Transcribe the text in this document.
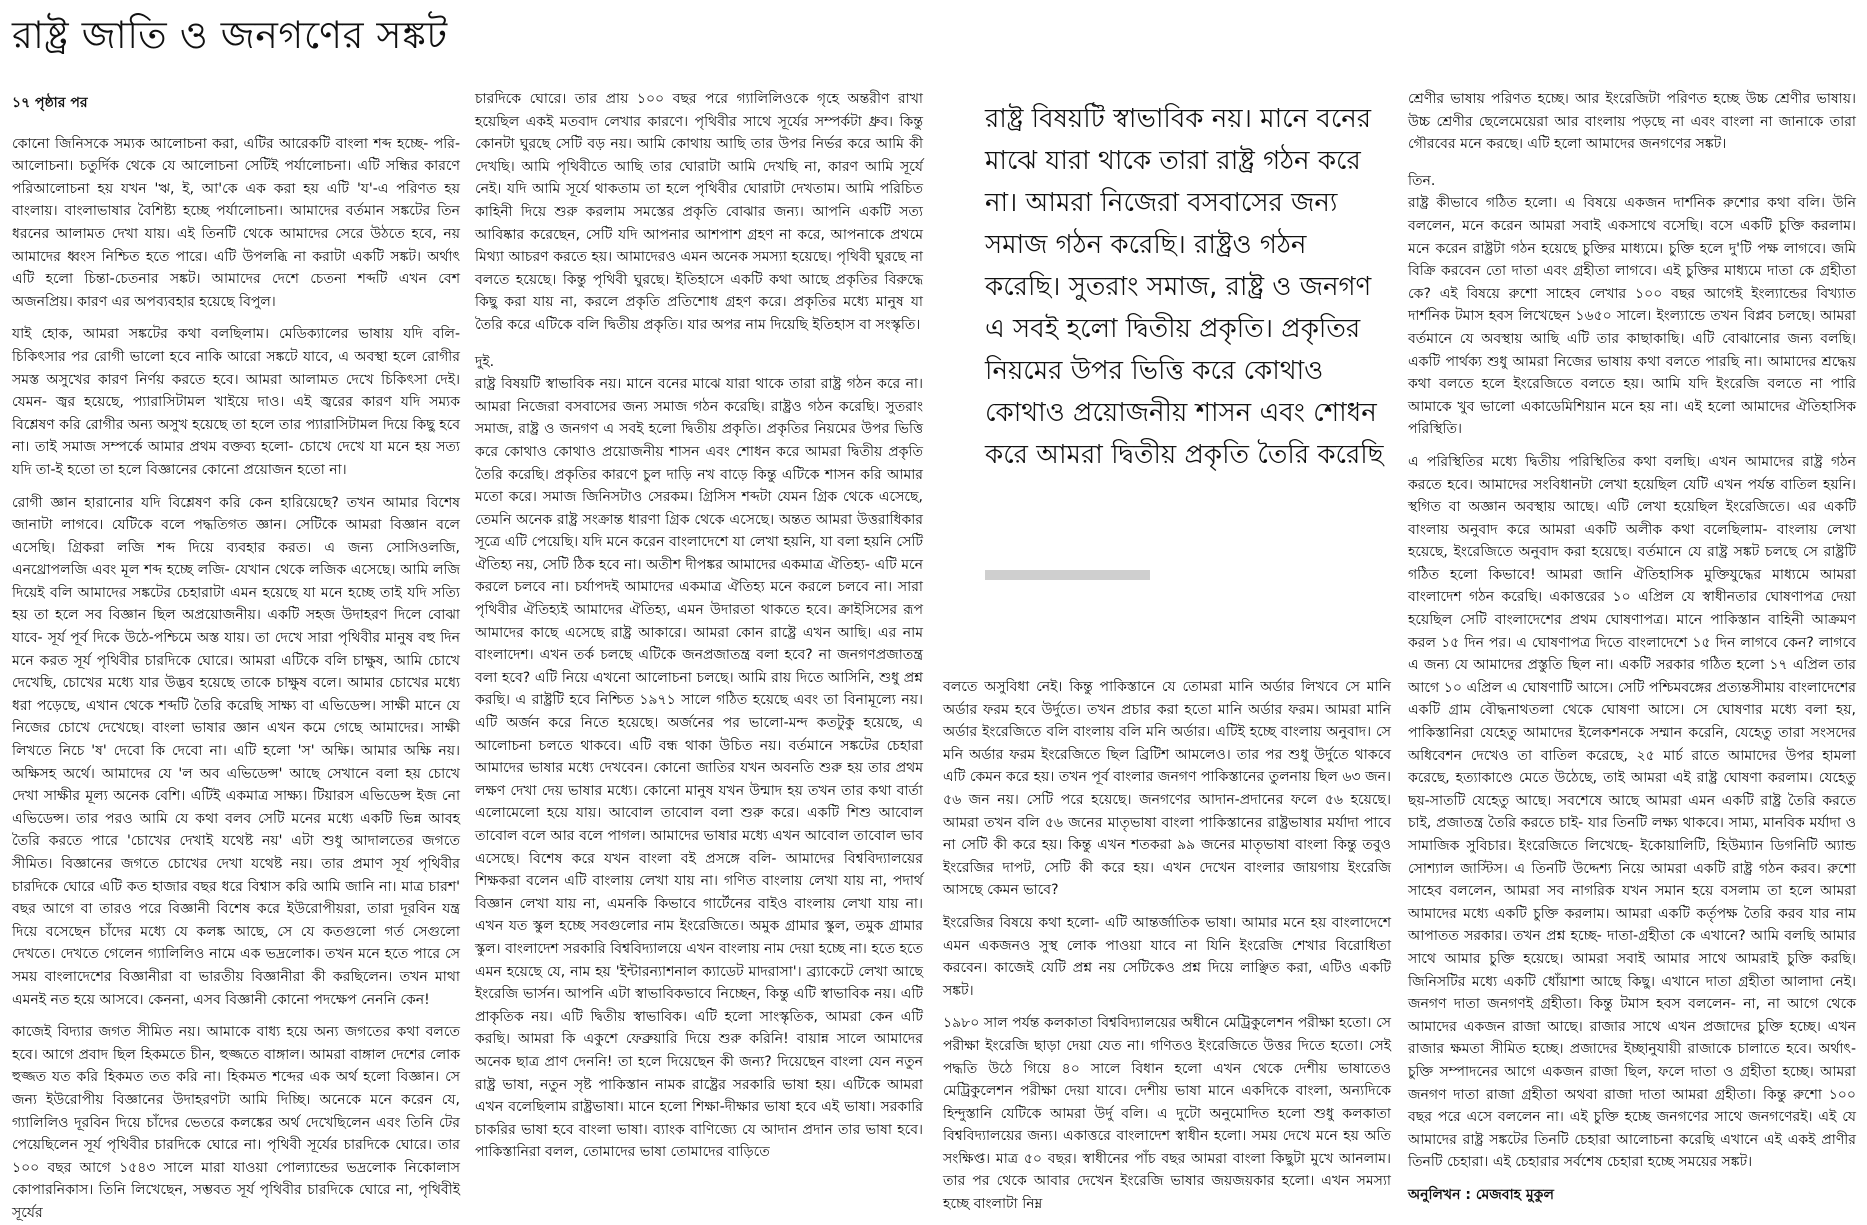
রাষ্ট্র জাতি ও জনগণের সঙ্কট

১৭ পৃষ্ঠার পর

কোনো জিনিসকে সম্যক আলোচনা করা, এটির আরেকটি বাংলা শব্দ হচ্ছে- পরি-আলোচনা। চতুর্দিক থেকে যে আলোচনা সেটিই পর্যালোচনা। এটি সন্ধির কারণে পরিআলোচনা হয় যখন 'ঋ, ই, আ'কে এক করা হয় এটি 'য'-এ পরিণত হয় বাংলায়। বাংলাভাষার বৈশিষ্ট্য হচ্ছে পর্যালোচনা। আমাদের বর্তমান সঙ্কটের তিন ধরনের আলামত দেখা যায়। এই তিনটি থেকে আমাদের সেরে উঠতে হবে, নয় আমাদের ধ্বংস নিশ্চিত হতে পারে। এটি উপলব্ধি না করাটা একটি সঙ্কট। অর্থাৎ এটি হলো চিন্তা-চেতনার সঙ্কট। আমাদের দেশে চেতনা শব্দটি এখন বেশ অজনপ্রিয়। কারণ এর অপব্যবহার হয়েছে বিপুল।

যাই হোক, আমরা সঙ্কটের কথা বলছিলাম। মেডিক্যালের ভাষায় যদি বলি- চিকিৎসার পর রোগী ভালো হবে নাকি আরো সঙ্কটে যাবে, এ অবস্থা হলে রোগীর সমস্ত অসুখের কারণ নির্ণয় করতে হবে। আমরা আলামত দেখে চিকিৎসা দেই। যেমন- জ্বর হয়েছে, প্যারাসিটামল খাইয়ে দাও। এই জ্বরের কারণ যদি সম্যক বিশ্লেষণ করি রোগীর অন্য অসুখ হয়েছে তা হলে তার প্যারাসিটামল দিয়ে কিছু হবে না। তাই সমাজ সম্পর্কে আমার প্রথম বক্তব্য হলো- চোখে দেখে যা মনে হয় সত্য যদি তা-ই হতো তা হলে বিজ্ঞানের কোনো প্রয়োজন হতো না।

রোগী জ্ঞান হারানোর যদি বিশ্লেষণ করি কেন হারিয়েছে? তখন আমার বিশেষ জানাটা লাগবে। যেটিকে বলে পদ্ধতিগত জ্ঞান। সেটিকে আমরা বিজ্ঞান বলে এসেছি। গ্রিকরা লজি শব্দ দিয়ে ব্যবহার করত। এ জন্য সোসিওলজি, এনথ্রোপলজি এবং মূল শব্দ হচ্ছে লজি- যেখান থেকে লজিক এসেছে। আমি লজি দিয়েই বলি আমাদের সঙ্কটের চেহারাটা এমন হয়েছে যা মনে হচ্ছে তাই যদি সত্যি হয় তা হলে সব বিজ্ঞান ছিল অপ্রয়োজনীয়। একটি সহজ উদাহরণ দিলে বোঝা যাবে- সূর্য পূর্ব দিকে উঠে-পশ্চিমে অস্ত যায়। তা দেখে সারা পৃথিবীর মানুষ বহু দিন মনে করত সূর্য পৃথিবীর চারদিকে ঘোরে। আমরা এটিকে বলি চাক্ষুষ, আমি চোখে দেখেছি, চোখের মধ্যে যার উদ্ভব হয়েছে তাকে চাক্ষুষ বলে। আমার চোখের মধ্যে ধরা পড়েছে, এখান থেকে শব্দটি তৈরি করেছি সাক্ষ্য বা এভিডেন্স। সাক্ষী মানে যে নিজের চোখে দেখেছে। বাংলা ভাষার জ্ঞান এখন কমে গেছে আমাদের। সাক্ষী লিখতে নিচে 'ষ' দেবো কি দেবো না। এটি হলো 'স' অক্ষি। আমার অক্ষি নয়। অক্ষিসহ অর্থে। আমাদের যে 'ল অব এভিডেন্স' আছে সেখানে বলা হয় চোখে দেখা সাক্ষীর মূল্য অনেক বেশি। এটিই একমাত্র সাক্ষ্য। টিয়ারস এভিডেন্স ইজ নো এভিডেন্স। তার পরও আমি যে কথা বলব সেটি মনের মধ্যে একটি ভিন্ন আবহ তৈরি করতে পারে 'চোখের দেখাই যথেষ্ট নয়' এটা শুধু আদালতের জগতে সীমিত। বিজ্ঞানের জগতে চোখের দেখা যথেষ্ট নয়। তার প্রমাণ সূর্য পৃথিবীর চারদিকে ঘোরে এটি কত হাজার বছর ধরে বিশ্বাস করি আমি জানি না। মাত্র চারশ' বছর আগে বা তারও পরে বিজ্ঞানী বিশেষ করে ইউরোপীয়রা, তারা দূরবিন যন্ত্র দিয়ে বসেছেন চাঁদের মধ্যে যে কলঙ্ক আছে, সে যে কতগুলো গর্ত সেগুলো দেখতে। দেখতে গেলেন গ্যালিলিও নামে এক ভদ্রলোক। তখন মনে হতে পারে সে সময় বাংলাদেশের বিজ্ঞানীরা বা ভারতীয় বিজ্ঞানীরা কী করছিলেন। তখন মাথা এমনই নত হয়ে আসবে। কেননা, এসব বিজ্ঞানী কোনো পদক্ষেপ নেননি কেন!

কাজেই বিদ্যার জগত সীমিত নয়। আমাকে বাধ্য হয়ে অন্য জগতের কথা বলতে হবে। আগে প্রবাদ ছিল হিকমতে চীন, হুজ্জতে বাঙ্গাল। আমরা বাঙ্গাল দেশের লোক হুজ্জত যত করি হিকমত তত করি না। হিকমত শব্দের এক অর্থ হলো বিজ্ঞান। সে জন্য ইউরোপীয় বিজ্ঞানের উদাহরণটা আমি দিচ্ছি। অনেকে মনে করেন যে, গ্যালিলিও দূরবিন দিয়ে চাঁদের ভেতরে কলঙ্কের অর্থ দেখেছিলেন এবং তিনি টের পেয়েছিলেন সূর্য পৃথিবীর চারদিকে ঘোরে না। পৃথিবী সূর্যের চারদিকে ঘোরে। তার ১০০ বছর আগে ১৫৪৩ সালে মারা যাওয়া পোল্যান্ডের ভদ্রলোক নিকোলাস কোপারনিকাস। তিনি লিখেছেন, সম্ভবত সূর্য পৃথিবীর চারদিকে ঘোরে না, পৃথিবীই সূর্যের

চারদিকে ঘোরে। তার প্রায় ১০০ বছর পরে গ্যালিলিওকে গৃহে অন্তরীণ রাখা হয়েছিল একই মতবাদ লেখার কারণে। পৃথিবীর সাথে সূর্যের সম্পর্কটা ধ্রুব। কিন্তু কোনটা ঘুরছে সেটি বড় নয়। আমি কোথায় আছি তার উপর নির্ভর করে আমি কী দেখছি। আমি পৃথিবীতে আছি তার ঘোরাটা আমি দেখছি না, কারণ আমি সূর্যে নেই। যদি আমি সূর্যে থাকতাম তা হলে পৃথিবীর ঘোরাটা দেখতাম। আমি পরিচিত কাহিনী দিয়ে শুরু করলাম সমস্তের প্রকৃতি বোঝার জন্য। আপনি একটি সত্য আবিষ্কার করেছেন, সেটি যদি আপনার আশপাশ গ্রহণ না করে, আপনাকে প্রথমে মিথ্যা আচরণ করতে হয়। আমাদেরও এমন অনেক সমস্যা হয়েছে। পৃথিবী ঘুরছে না বলতে হয়েছে। কিন্তু পৃথিবী ঘুরছে। ইতিহাসে একটি কথা আছে প্রকৃতির বিরুদ্ধে কিছু করা যায় না, করলে প্রকৃতি প্রতিশোধ গ্রহণ করে। প্রকৃতির মধ্যে মানুষ যা তৈরি করে এটিকে বলি দ্বিতীয় প্রকৃতি। যার অপর নাম দিয়েছি ইতিহাস বা সংস্কৃতি।

দুই.

রাষ্ট্র বিষয়টি স্বাভাবিক নয়। মানে বনের মাঝে যারা থাকে তারা রাষ্ট্র গঠন করে না। আমরা নিজেরা বসবাসের জন্য সমাজ গঠন করেছি। রাষ্ট্রও গঠন করেছি। সুতরাং সমাজ, রাষ্ট্র ও জনগণ এ সবই হলো দ্বিতীয় প্রকৃতি। প্রকৃতির নিয়মের উপর ভিত্তি করে কোথাও কোথাও প্রয়োজনীয় শাসন এবং শোধন করে আমরা দ্বিতীয় প্রকৃতি তৈরি করেছি। প্রকৃতির কারণে চুল দাড়ি নখ বাড়ে কিন্তু এটিকে শাসন করি আমার মতো করে। সমাজ জিনিসটাও সেরকম। গ্রিসিস শব্দটা যেমন গ্রিক থেকে এসেছে, তেমনি অনেক রাষ্ট্র সংক্রান্ত ধারণা গ্রিক থেকে এসেছে। অন্তত আমরা উত্তরাধিকার সূত্রে এটি পেয়েছি। যদি মনে করেন বাংলাদেশে যা লেখা হয়নি, যা বলা হয়নি সেটি ঐতিহ্য নয়, সেটি ঠিক হবে না। অতীশ দীপঙ্কর আমাদের একমাত্র ঐতিহ্য- এটি মনে করলে চলবে না। চর্যাপদই আমাদের একমাত্র ঐতিহ্য মনে করলে চলবে না। সারা পৃথিবীর ঐতিহ্যই আমাদের ঐতিহ্য, এমন উদারতা থাকতে হবে। ক্রাইসিসের রূপ আমাদের কাছে এসেছে রাষ্ট্র আকারে। আমরা কোন রাষ্ট্রে এখন আছি। এর নাম বাংলাদেশ। এখন তর্ক চলছে এটিকে জনপ্রজাতন্ত্র বলা হবে? না জনগণপ্রজাতন্ত্র বলা হবে? এটি নিয়ে এখনো আলোচনা চলছে। আমি রায় দিতে আসিনি, শুধু প্রশ্ন করছি। এ রাষ্ট্রটি হবে নিশ্চিত ১৯৭১ সালে গঠিত হয়েছে এবং তা বিনামূল্যে নয়। এটি অর্জন করে নিতে হয়েছে। অর্জনের পর ভালো-মন্দ কতটুকু হয়েছে, এ আলোচনা চলতে থাকবে। এটি বন্ধ থাকা উচিত নয়। বর্তমানে সঙ্কটের চেহারা আমাদের ভাষার মধ্যে দেখবেন। কোনো জাতির যখন অবনতি শুরু হয় তার প্রথম লক্ষণ দেখা দেয় ভাষার মধ্যে। কোনো মানুষ যখন উন্মাদ হয় তখন তার কথা বার্তা এলোমেলো হয়ে যায়। আবোল তাবোল বলা শুরু করে। একটি শিশু আবোল তাবোল বলে আর বলে পাগল। আমাদের ভাষার মধ্যে এখন আবোল তাবোল ভাব এসেছে। বিশেষ করে যখন বাংলা বই প্রসঙ্গে বলি- আমাদের বিশ্ববিদ্যালয়ের শিক্ষকরা বলেন এটি বাংলায় লেখা যায় না। গণিত বাংলায় লেখা যায় না, পদার্থ বিজ্ঞান লেখা যায় না, এমনকি কিভাবে গার্টেনের বাইও বাংলায় লেখা যায় না। এখন যত স্কুল হচ্ছে সবগুলোর নাম ইংরেজিতে। অমুক গ্রামার স্কুল, তমুক গ্রামার স্কুল। বাংলাদেশ সরকারি বিশ্ববিদ্যালয়ে এখন বাংলায় নাম দেয়া হচ্ছে না। হতে হতে এমন হয়েছে যে, নাম হয় 'ইন্টারন্যাশনাল ক্যাডেট মাদরাসা'। ব্র্যাকেটে লেখা আছে ইংরেজি ভার্সন। আপনি এটা স্বাভাবিকভাবে নিচ্ছেন, কিন্তু এটি স্বাভাবিক নয়। এটি প্রাকৃতিক নয়। এটি দ্বিতীয় স্বাভাবিক। এটি হলো সাংস্কৃতিক, আমরা কেন এটি করছি। আমরা কি একুশে ফেব্রুয়ারি দিয়ে শুরু করিনি! বায়ান্ন সালে আমাদের অনেক ছাত্র প্রাণ দেননি! তা হলে দিয়েছেন কী জন্য? দিয়েছেন বাংলা যেন নতুন রাষ্ট্র ভাষা, নতুন সৃষ্ট পাকিস্তান নামক রাষ্ট্রের সরকারি ভাষা হয়। এটিকে আমরা এখন বলেছিলাম রাষ্ট্রভাষা। মানে হলো শিক্ষা-দীক্ষার ভাষা হবে এই ভাষা। সরকারি চাকরির ভাষা হবে বাংলা ভাষা। ব্যাংক বাণিজ্যে যে আদান প্রদান তার ভাষা হবে। পাকিস্তানিরা বলল, তোমাদের ভাষা তোমাদের বাড়িতে

রাষ্ট্র বিষয়টি স্বাভাবিক নয়। মানে বনের মাঝে যারা থাকে তারা রাষ্ট্র গঠন করে না। আমরা নিজেরা বসবাসের জন্য সমাজ গঠন করেছি। রাষ্ট্রও গঠন করেছি। সুতরাং সমাজ, রাষ্ট্র ও জনগণ এ সবই হলো দ্বিতীয় প্রকৃতি। প্রকৃতির নিয়মের উপর ভিত্তি করে কোথাও কোথাও প্রয়োজনীয় শাসন এবং শোধন করে আমরা দ্বিতীয় প্রকৃতি তৈরি করেছি

বলতে অসুবিধা নেই। কিন্তু পাকিস্তানে যে তোমরা মানি অর্ডার লিখবে সে মানি অর্ডার ফরম হবে উর্দুতে। তখন প্রচার করা হতো মানি অর্ডার ফরম। আমরা মানি অর্ডার ইংরেজিতে বলি বাংলায় বলি মনি অর্ডার। এটিই হচ্ছে বাংলায় অনুবাদ। সে মনি অর্ডার ফরম ইংরেজিতে ছিল ব্রিটিশ আমলেও। তার পর শুধু উর্দুতে থাকবে এটি কেমন করে হয়। তখন পূর্ব বাংলার জনগণ পাকিস্তানের তুলনায় ছিল ৬৩ জন। ৫৬ জন নয়। সেটি পরে হয়েছে। জনগণের আদান-প্রদানের ফলে ৫৬ হয়েছে। আমরা তখন বলি ৫৬ জনের মাতৃভাষা বাংলা পাকিস্তানের রাষ্ট্রভাষার মর্যাদা পাবে না সেটি কী করে হয়। কিন্তু এখন শতকরা ৯৯ জনের মাতৃভাষা বাংলা কিন্তু তবুও ইংরেজির দাপট, সেটি কী করে হয়। এখন দেখেন বাংলার জায়গায় ইংরেজি আসছে কেমন ভাবে?

ইংরেজির বিষয়ে কথা হলো- এটি আন্তর্জাতিক ভাষা। আমার মনে হয় বাংলাদেশে এমন একজনও সুস্থ লোক পাওয়া যাবে না যিনি ইংরেজি শেখার বিরোধিতা করবেন। কাজেই যেটি প্রশ্ন নয় সেটিকেও প্রশ্ন দিয়ে লাঞ্ছিত করা, এটিও একটি সঙ্কট।

১৯৮০ সাল পর্যন্ত কলকাতা বিশ্ববিদ্যালয়ের অধীনে মেট্রিকুলেশন পরীক্ষা হতো। সে পরীক্ষা ইংরেজি ছাড়া দেয়া যেত না। গণিতও ইংরেজিতে উত্তর দিতে হতো। সেই পদ্ধতি উঠে গিয়ে ৪০ সালে বিধান হলো এখন থেকে দেশীয় ভাষাতেও মেট্রিকুলেশন পরীক্ষা দেয়া যাবে। দেশীয় ভাষা মানে একদিকে বাংলা, অন্যদিকে হিন্দুস্তানি যেটিকে আমরা উর্দু বলি। এ দুটো অনুমোদিত হলো শুধু কলকাতা বিশ্ববিদ্যালয়ের জন্য। একাত্তরে বাংলাদেশ স্বাধীন হলো। সময় দেখে মনে হয় অতি সংক্ষিপ্ত। মাত্র ৫০ বছর। স্বাধীনের পাঁচ বছর আমরা বাংলা কিছুটা মুখে আনলাম। তার পর থেকে আবার দেখেন ইংরেজি ভাষার জয়জয়কার হলো। এখন সমস্যা হচ্ছে বাংলাটা নিম্ন

শ্রেণীর ভাষায় পরিণত হচ্ছে। আর ইংরেজিটা পরিণত হচ্ছে উচ্চ শ্রেণীর ভাষায়। উচ্চ শ্রেণীর ছেলেমেয়েরা আর বাংলায় পড়ছে না এবং বাংলা না জানাকে তারা গৌরবের মনে করছে। এটি হলো আমাদের জনগণের সঙ্কট।

তিন.

রাষ্ট্র কীভাবে গঠিত হলো। এ বিষয়ে একজন দার্শনিক রুশোর কথা বলি। উনি বললেন, মনে করেন আমরা সবাই একসাথে বসেছি। বসে একটি চুক্তি করলাম। মনে করেন রাষ্ট্রটা গঠন হয়েছে চুক্তির মাধ্যমে। চুক্তি হলে দু'টি পক্ষ লাগবে। জমি বিক্রি করবেন তো দাতা এবং গ্রহীতা লাগবে। এই চুক্তির মাধ্যমে দাতা কে গ্রহীতা কে? এই বিষয়ে রুশো সাহেব লেখার ১০০ বছর আগেই ইংল্যান্ডের বিখ্যাত দার্শনিক টমাস হবস লিখেছেন ১৬৫০ সালে। ইংল্যান্ডে তখন বিপ্লব চলছে। আমরা বর্তমানে যে অবস্থায় আছি এটি তার কাছাকাছি। এটি বোঝানোর জন্য বলছি। একটি পার্থক্য শুধু আমরা নিজের ভাষায় কথা বলতে পারছি না। আমাদের শ্রদ্ধেয় কথা বলতে হলে ইংরেজিতে বলতে হয়। আমি যদি ইংরেজি বলতে না পারি আমাকে খুব ভালো একাডেমিশিয়ান মনে হয় না। এই হলো আমাদের ঐতিহাসিক পরিস্থিতি।

এ পরিস্থিতির মধ্যে দ্বিতীয় পরিস্থিতির কথা বলছি। এখন আমাদের রাষ্ট্র গঠন করতে হবে। আমাদের সংবিধানটা লেখা হয়েছিল যেটি এখন পর্যন্ত বাতিল হয়নি। স্থগিত বা অজ্ঞান অবস্থায় আছে। এটি লেখা হয়েছিল ইংরেজিতে। এর একটি বাংলায় অনুবাদ করে আমরা একটি অলীক কথা বলেছিলাম- বাংলায় লেখা হয়েছে, ইংরেজিতে অনুবাদ করা হয়েছে। বর্তমানে যে রাষ্ট্র সঙ্কট চলছে সে রাষ্ট্রটি গঠিত হলো কিভাবে! আমরা জানি ঐতিহাসিক মুক্তিযুদ্ধের মাধ্যমে আমরা বাংলাদেশ গঠন করেছি। একাত্তরের ১০ এপ্রিল যে স্বাধীনতার ঘোষণাপত্র দেয়া হয়েছিল সেটি বাংলাদেশের প্রথম ঘোষণাপত্র। মানে পাকিস্তান বাহিনী আক্রমণ করল ১৫ দিন পর। এ ঘোষণাপত্র দিতে বাংলাদেশে ১৫ দিন লাগবে কেন? লাগবে এ জন্য যে আমাদের প্রস্তুতি ছিল না। একটি সরকার গঠিত হলো ১৭ এপ্রিল তার আগে ১০ এপ্রিল এ ঘোষণাটি আসে। সেটি পশ্চিমবঙ্গের প্রত্যন্তসীমায় বাংলাদেশের একটি গ্রাম বৌদ্ধনাথতলা থেকে ঘোষণা আসে। সে ঘোষণার মধ্যে বলা হয়, পাকিস্তানিরা যেহেতু আমাদের ইলেকশনকে সম্মান করেনি, যেহেতু তারা সংসদের অধিবেশন দেখেও তা বাতিল করেছে, ২৫ মার্চ রাতে আমাদের উপর হামলা করেছে, হত্যাকাণ্ডে মেতে উঠেছে, তাই আমরা এই রাষ্ট্র ঘোষণা করলাম। যেহেতু ছয়-সাতটি যেহেতু আছে। সবশেষে আছে আমরা এমন একটি রাষ্ট্র তৈরি করতে চাই, প্রজাতন্ত্র তৈরি করতে চাই- যার তিনটি লক্ষ্য থাকবে। সাম্য, মানবিক মর্যাদা ও সামাজিক সুবিচার। ইংরেজিতে লিখেছে- ইকোয়ালিটি, হিউম্যান ডিগনিটি অ্যান্ড সোশ্যাল জাস্টিস। এ তিনটি উদ্দেশ্য নিয়ে আমরা একটি রাষ্ট্র গঠন করব। রুশো সাহেব বললেন, আমরা সব নাগরিক যখন সমান হয়ে বসলাম তা হলে আমরা আমাদের মধ্যে একটি চুক্তি করলাম। আমরা একটি কর্তৃপক্ষ তৈরি করব যার নাম আপাতত সরকার। তখন প্রশ্ন হচ্ছে- দাতা-গ্রহীতা কে এখানে? আমি বলছি আমার সাথে আমার চুক্তি হয়েছে। আমরা সবাই আমার সাথে আমরাই চুক্তি করছি। জিনিসটির মধ্যে একটি ধোঁয়াশা আছে কিছু। এখানে দাতা গ্রহীতা আলাদা নেই। জনগণ দাতা জনগণই গ্রহীতা। কিন্তু টমাস হবস বললেন- না, না আগে থেকে আমাদের একজন রাজা আছে। রাজার সাথে এখন প্রজাদের চুক্তি হচ্ছে। এখন রাজার ক্ষমতা সীমিত হচ্ছে। প্রজাদের ইচ্ছানুযায়ী রাজাকে চালাতে হবে। অর্থাৎ- চুক্তি সম্পাদনের আগে একজন রাজা ছিল, ফলে দাতা ও গ্রহীতা হচ্ছে। আমরা জনগণ দাতা রাজা গ্রহীতা অথবা রাজা দাতা আমরা গ্রহীতা। কিন্তু রুশো ১০০ বছর পরে এসে বললেন না। এই চুক্তি হচ্ছে জনগণের সাথে জনগণেরই। এই যে আমাদের রাষ্ট্র সঙ্কটের তিনটি চেহারা আলোচনা করেছি এখানে এই একই প্রাণীর তিনটি চেহারা। এই চেহারার সর্বশেষ চেহারা হচ্ছে সময়ের সঙ্কট।

অনুলিখন : মেজবাহ মুকুল
